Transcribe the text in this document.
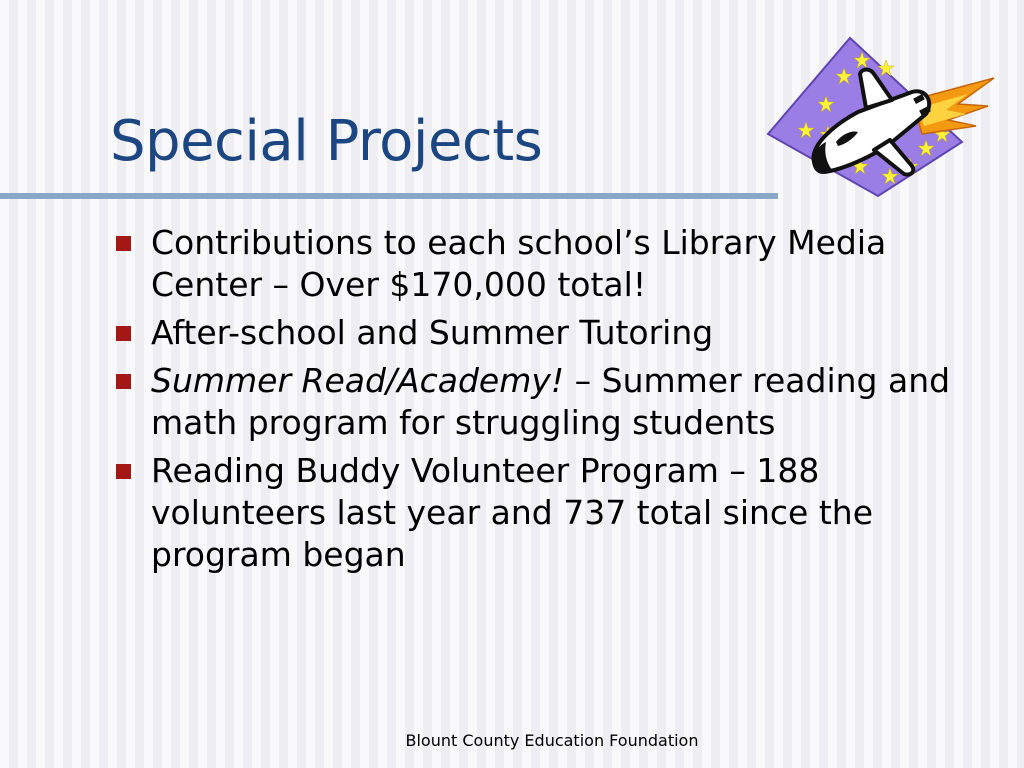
Special Projects
Contributions to each school’s Library Media Center – Over $170,000 total!
After-school and Summer Tutoring
Summer Read/Academy! – Summer reading and math program for struggling students
Reading Buddy Volunteer Program – 188 volunteers last year and 737 total since the program began
Blount County Education Foundation
